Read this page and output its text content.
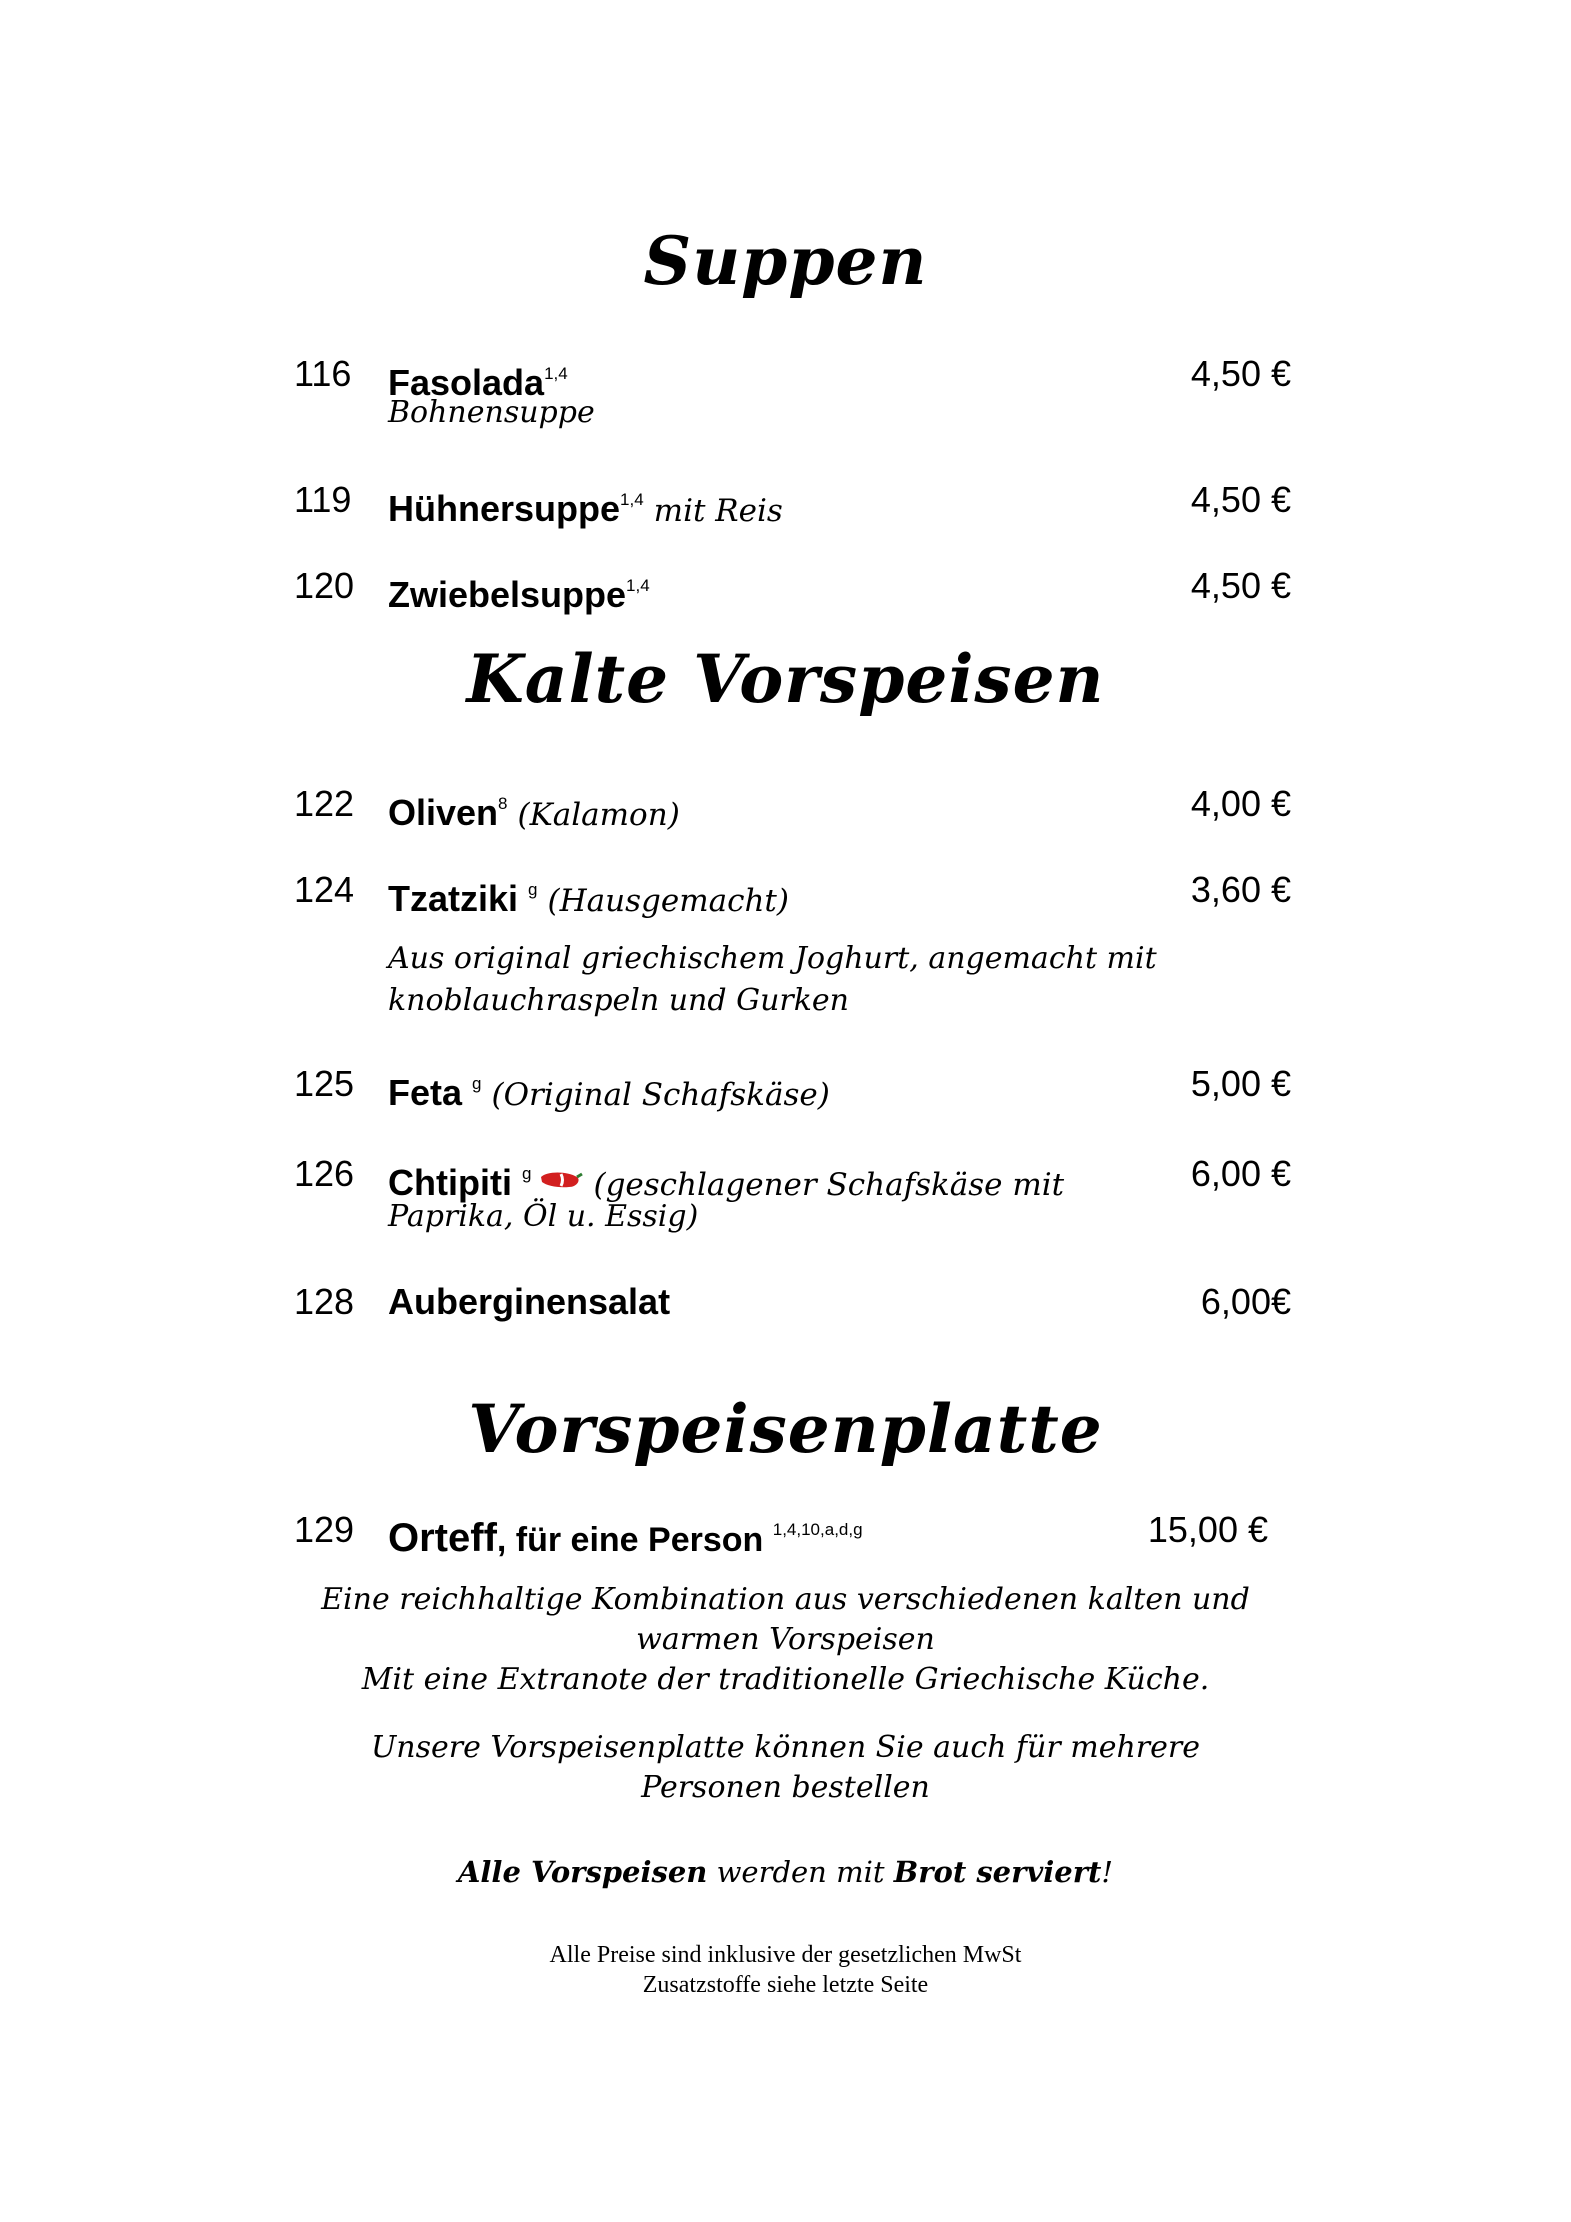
Suppen
116 Fasolada$^{1,4}$	4,50 €
Bohnensuppe
119 Hühnersuppe$^{1,4}$ mit Reis	4,50 €
120 Zwiebelsuppe$^{1,4}$	4,50 €
Kalte Vorspeisen
122 Oliven$^8$ (Kalamon)	4,00 €
124 Tzatziki $^g$ (Hausgemacht)	3,60 €
Aus original griechischem Joghurt, angemacht mit
knoblauchraspeln und Gurken
125 Feta $^g$ (Original Schafskäse)	5,00 €
126 Chtipiti $^g$ (geschlagener Schafskäse mit	6,00 €
Paprika, Öl u. Essig)
128 Auberginensalat	6,00€
Vorspeisenplatte
129 Orteff, für eine Person $^{1,4,10,a,d,g}$	15,00 €
Eine reichhaltige Kombination aus verschiedenen kalten und
warmen Vorspeisen
Mit eine Extranote der traditionelle Griechische Küche.
Unsere Vorspeisenplatte können Sie auch für mehrere
Personen bestellen
Alle Vorspeisen werden mit Brot serviert!
Alle Preise sind inklusive der gesetzlichen MwSt
Zusatzstoffe siehe letzte Seite
